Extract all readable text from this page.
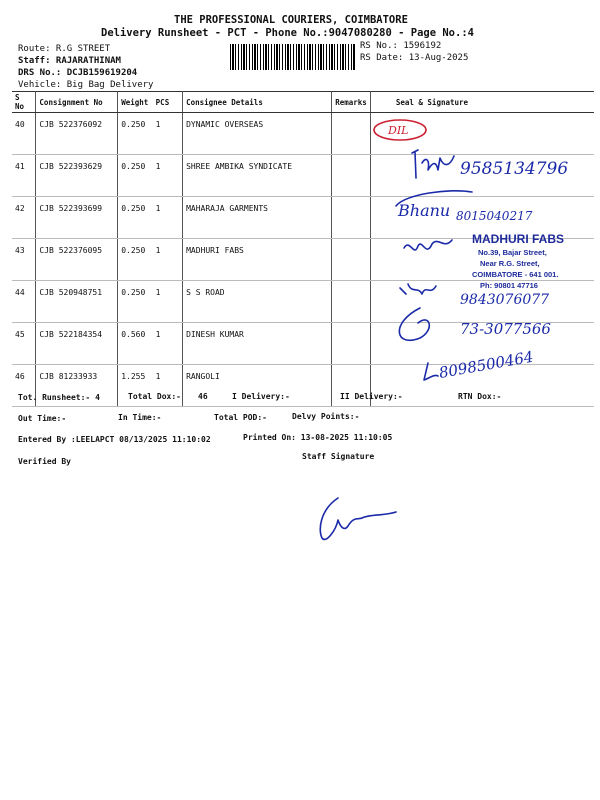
THE PROFESSIONAL COURIERS, COIMBATORE
Delivery Runsheet - PCT - Phone No.:9047080280 - Page No.:4
Route: R.G STREET
Staff: RAJARATHINAM
DRS No.: DCJB159619204
Vehicle: Big Bag Delivery
RS No.: 1596192
RS Date: 13-Aug-2025
S No	Consignment No	Weight	PCS	Consignee Details	Remarks	Seal & Signature
40	CJB 522376092	0.250	1	DYNAMIC OVERSEAS		
41	CJB 522393629	0.250	1	SHREE AMBIKA SYNDICATE		
42	CJB 522393699	0.250	1	MAHARAJA GARMENTS		
43	CJB 522376095	0.250	1	MADHURI FABS		
44	CJB 520948751	0.250	1	S S ROAD		
45	CJB 522184354	0.560	1	DINESH KUMAR		
46	CJB 81233933	1.255	1	RANGOLI		
DIL
9585134796
Bhanu 8015040217
MADHURI FABS
No.39, Bajar Street,
Near R.G. Street,
COIMBATORE - 641 001.
Ph: 90801 47716
9843076077
73-3077566
8098500464
Tot. Runsheet:- 4	Total Dox:- 46	I Delivery:-	II Delivery:-	RTN Dox:-
Out Time:-	In Time:-	Total POD:-	Delvy Points:-
Entered By :LEELAPCT 08/13/2025 11:10:02	Printed On: 13-08-2025 11:10:05
Verified By
Staff Signature
